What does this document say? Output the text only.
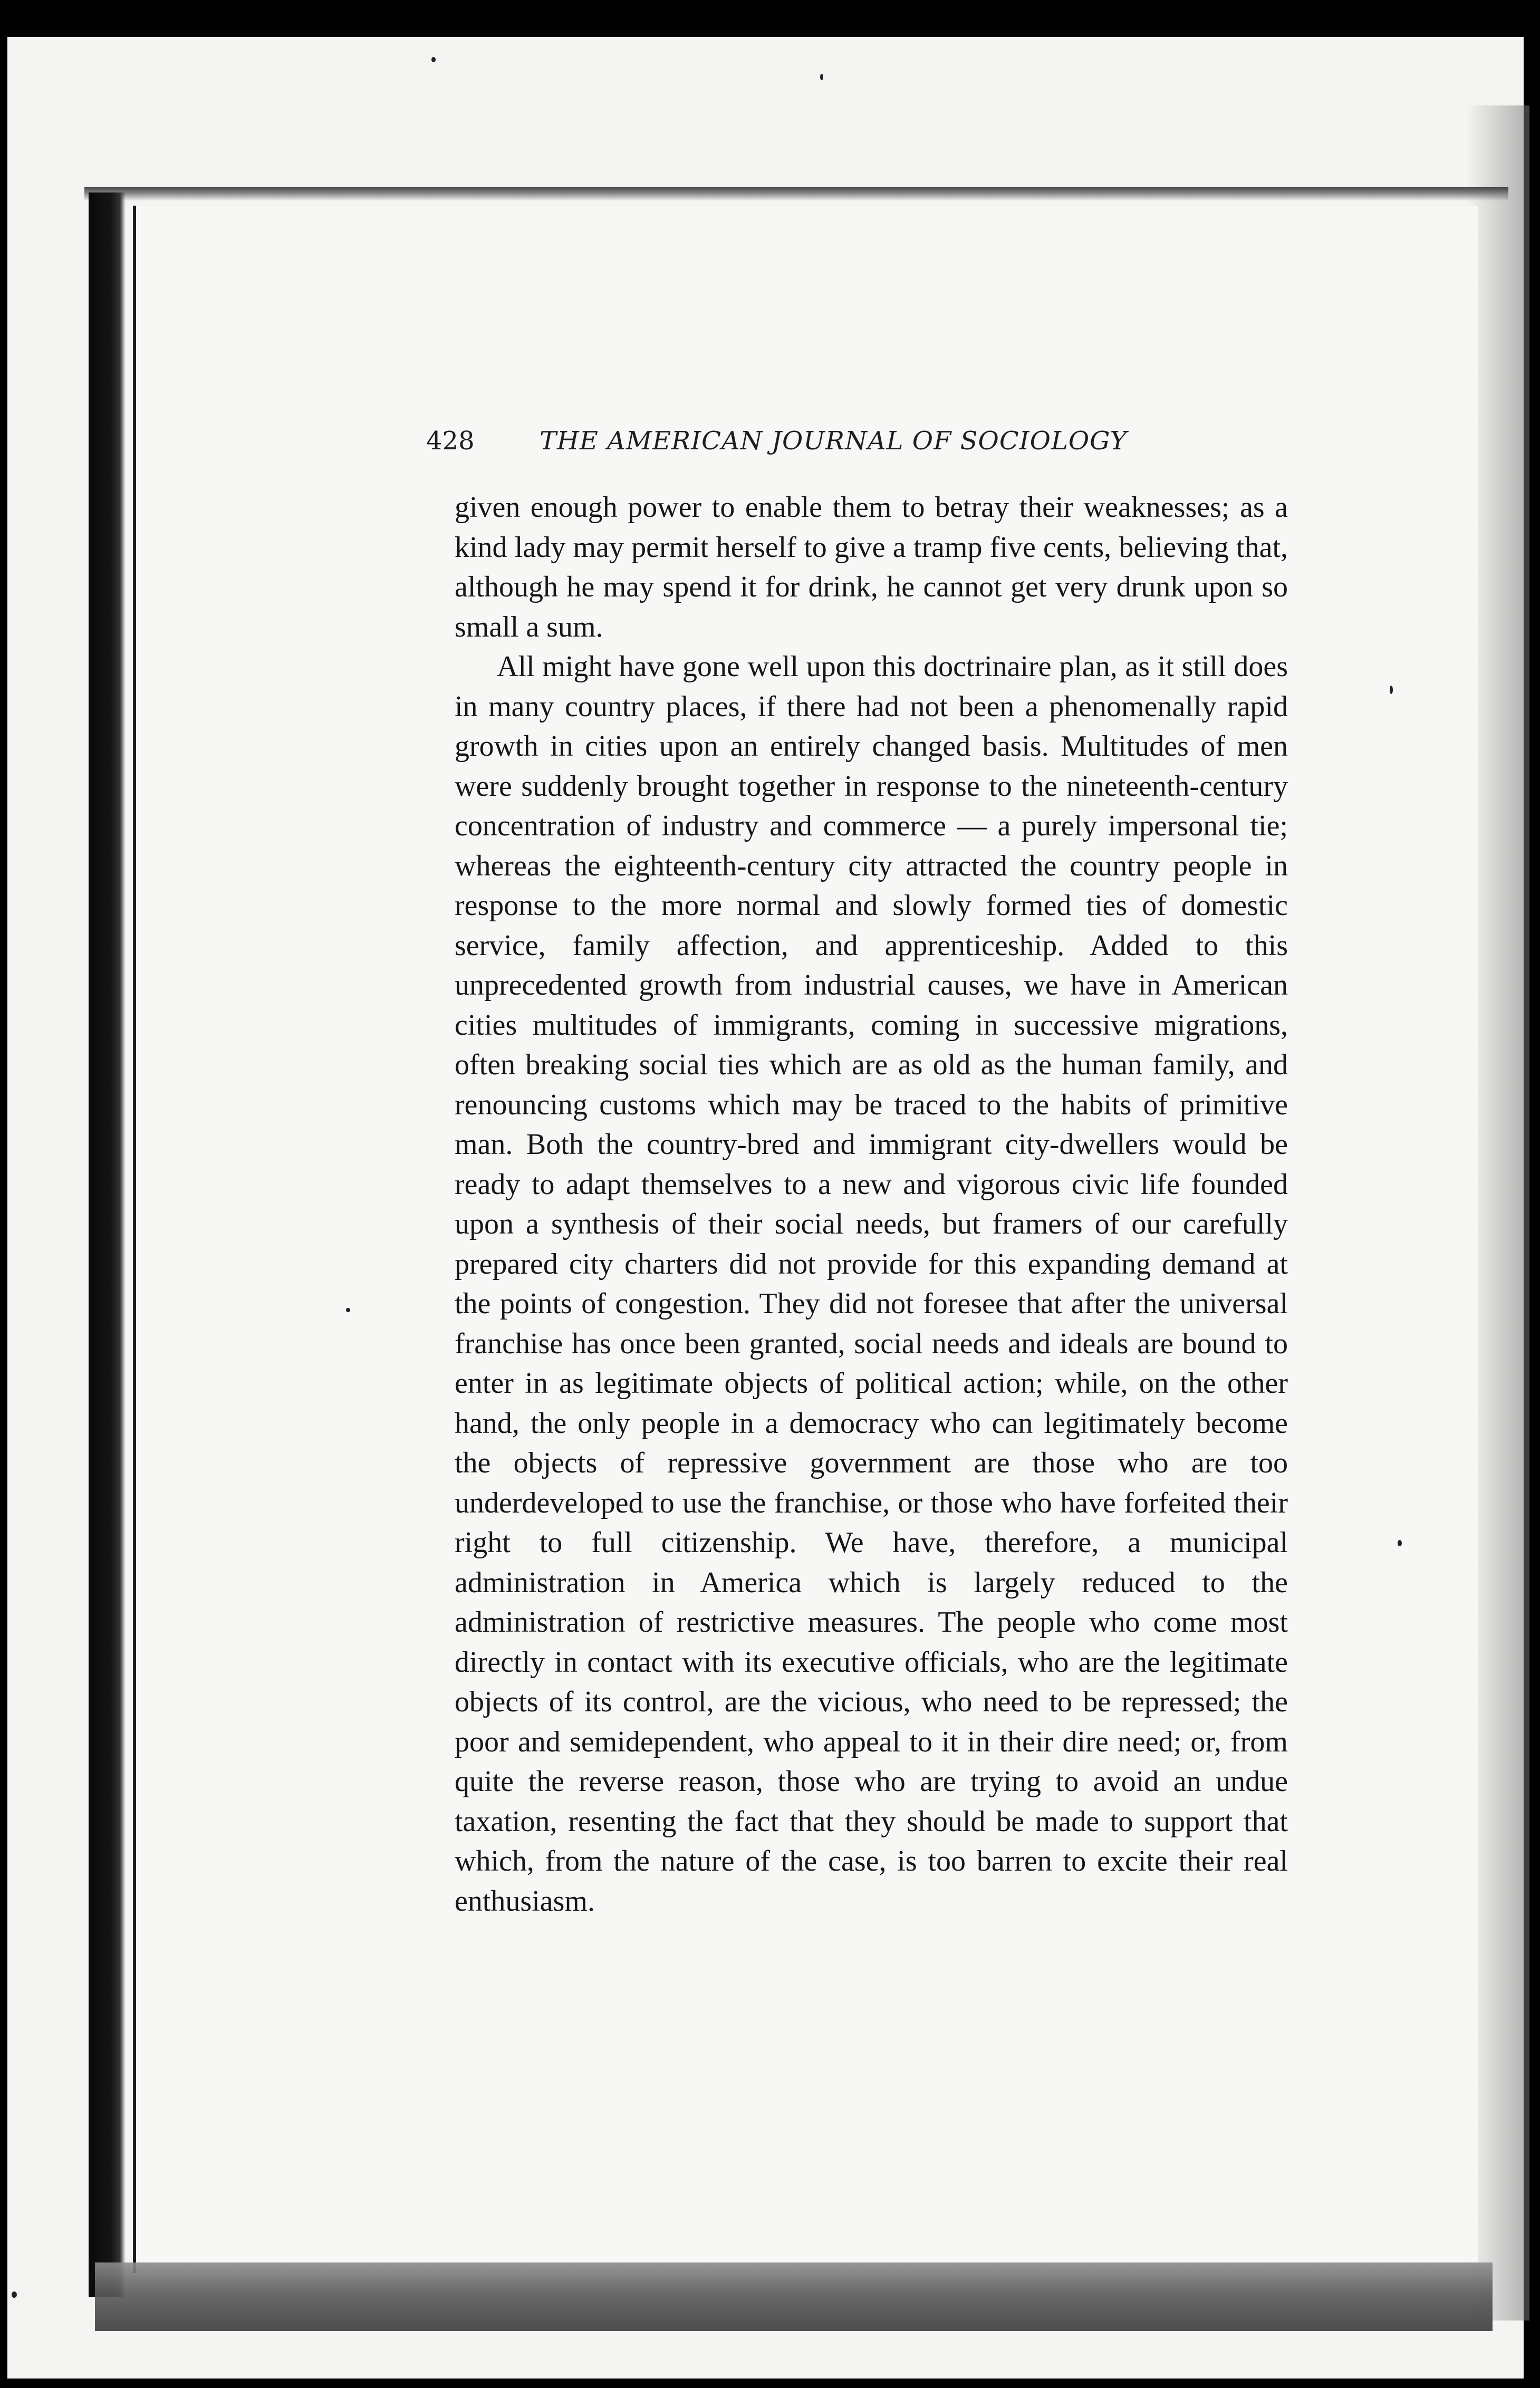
428	THE AMERICAN JOURNAL OF SOCIOLOGY

given enough power to enable them to betray their weaknesses; as a kind lady may permit herself to give a tramp five cents, believing that, although he may spend it for drink, he cannot get very drunk upon so small a sum.

All might have gone well upon this doctrinaire plan, as it still does in many country places, if there had not been a phenomenally rapid growth in cities upon an entirely changed basis. Multitudes of men were suddenly brought together in response to the nineteenth-century concentration of industry and commerce — a purely impersonal tie; whereas the eighteenth-century city attracted the country people in response to the more normal and slowly formed ties of domestic service, family affection, and apprenticeship. Added to this unprecedented growth from industrial causes, we have in American cities multitudes of immigrants, coming in successive migrations, often breaking social ties which are as old as the human family, and renouncing customs which may be traced to the habits of primitive man. Both the country-bred and immigrant city-dwellers would be ready to adapt themselves to a new and vigorous civic life founded upon a synthesis of their social needs, but framers of our carefully prepared city charters did not provide for this expanding demand at the points of congestion. They did not foresee that after the universal franchise has once been granted, social needs and ideals are bound to enter in as legitimate objects of political action; while, on the other hand, the only people in a democracy who can legitimately become the objects of repressive government are those who are too underdeveloped to use the franchise, or those who have forfeited their right to full citizenship. We have, therefore, a municipal administration in America which is largely reduced to the administration of restrictive measures. The people who come most directly in contact with its executive officials, who are the legitimate objects of its control, are the vicious, who need to be repressed; the poor and semidependent, who appeal to it in their dire need; or, from quite the reverse reason, those who are trying to avoid an undue taxation, resenting the fact that they should be made to support that which, from the nature of the case, is too barren to excite their real enthusiasm.
